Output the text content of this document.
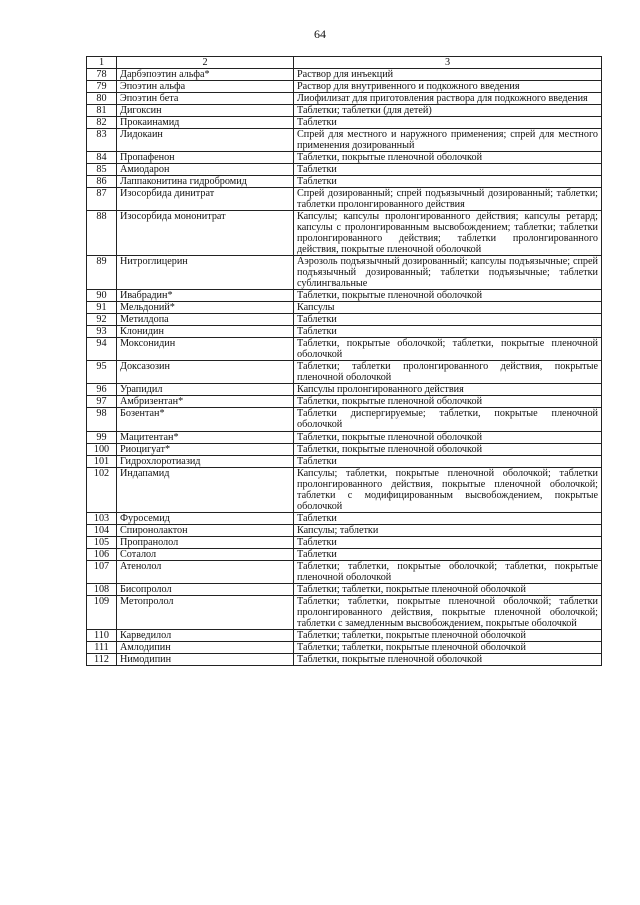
64
1	2	3
78	Дарбэпоэтин альфа*	Раствор для инъекций
79	Эпоэтин альфа	Раствор для внутривенного и подкожного введения
80	Эпоэтин бета	Лиофилизат для приготовления раствора для подкожного введения
81	Дигоксин	Таблетки; таблетки (для детей)
82	Прокаинамид	Таблетки
83	Лидокаин	Спрей для местного и наружного применения; спрей для местного применения дозированный
84	Пропафенон	Таблетки, покрытые пленочной оболочкой
85	Амиодарон	Таблетки
86	Лаппаконитина гидробромид	Таблетки
87	Изосорбида динитрат	Спрей дозированный; спрей подъязычный дозированный; таблетки; таблетки пролонгированного действия
88	Изосорбида мононитрат	Капсулы; капсулы пролонгированного действия; капсулы ретард; капсулы с пролонгированным высвобождением; таблетки; таблетки пролонгированного действия; таблетки пролонгированного действия, покрытые пленочной оболочкой
89	Нитроглицерин	Аэрозоль подъязычный дозированный; капсулы подъязычные; спрей подъязычный дозированный; таблетки подъязычные; таблетки сублингвальные
90	Ивабрадин*	Таблетки, покрытые пленочной оболочкой
91	Мельдоний*	Капсулы
92	Метилдопа	Таблетки
93	Клонидин	Таблетки
94	Моксонидин	Таблетки, покрытые оболочкой; таблетки, покрытые пленочной оболочкой
95	Доксазозин	Таблетки; таблетки пролонгированного действия, покрытые пленочной оболочкой
96	Урапидил	Капсулы пролонгированного действия
97	Амбризентан*	Таблетки, покрытые пленочной оболочкой
98	Бозентан*	Таблетки диспергируемые; таблетки, покрытые пленочной оболочкой
99	Мацитентан*	Таблетки, покрытые пленочной оболочкой
100	Риоцигуат*	Таблетки, покрытые пленочной оболочкой
101	Гидрохлоротиазид	Таблетки
102	Индапамид	Капсулы; таблетки, покрытые пленочной оболочкой; таблетки пролонгированного действия, покрытые пленочной оболочкой; таблетки с модифицированным высвобождением, покрытые оболочкой
103	Фуросемид	Таблетки
104	Спиронолактон	Капсулы; таблетки
105	Пропранолол	Таблетки
106	Соталол	Таблетки
107	Атенолол	Таблетки; таблетки, покрытые оболочкой; таблетки, покрытые пленочной оболочкой
108	Бисопролол	Таблетки; таблетки, покрытые пленочной оболочкой
109	Метопролол	Таблетки; таблетки, покрытые пленочной оболочкой; таблетки пролонгированного действия, покрытые пленочной оболочкой; таблетки с замедленным высвобождением, покрытые оболочкой
110	Карведилол	Таблетки; таблетки, покрытые пленочной оболочкой
111	Амлодипин	Таблетки; таблетки, покрытые пленочной оболочкой
112	Нимодипин	Таблетки, покрытые пленочной оболочкой
